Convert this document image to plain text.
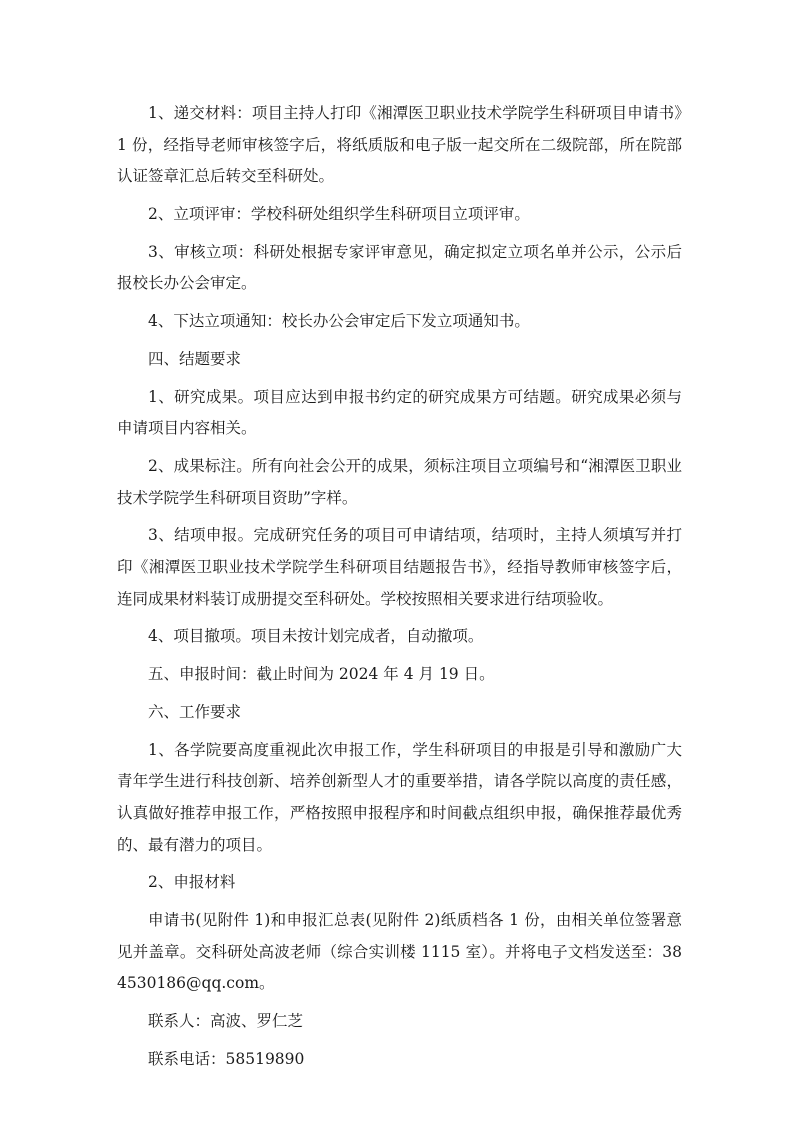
1、递交材料：项目主持人打印《湘潭医卫职业技术学院学生科研项目申请书》1 份，经指导老师审核签字后，将纸质版和电子版一起交所在二级院部，所在院部认证签章汇总后转交至科研处。

2、立项评审：学校科研处组织学生科研项目立项评审。

3、审核立项：科研处根据专家评审意见，确定拟定立项名单并公示，公示后报校长办公会审定。

4、下达立项通知：校长办公会审定后下发立项通知书。

四、结题要求

1、研究成果。项目应达到申报书约定的研究成果方可结题。研究成果必须与申请项目内容相关。

2、成果标注。所有向社会公开的成果，须标注项目立项编号和“湘潭医卫职业技术学院学生科研项目资助”字样。

3、结项申报。完成研究任务的项目可申请结项，结项时，主持人须填写并打印《湘潭医卫职业技术学院学生科研项目结题报告书》，经指导教师审核签字后，连同成果材料装订成册提交至科研处。学校按照相关要求进行结项验收。

4、项目撤项。项目未按计划完成者，自动撤项。

五、申报时间：截止时间为 2024 年 4 月 19 日。

六、工作要求

1、各学院要高度重视此次申报工作，学生科研项目的申报是引导和激励广大青年学生进行科技创新、培养创新型人才的重要举措，请各学院以高度的责任感，认真做好推荐申报工作，严格按照申报程序和时间截点组织申报，确保推荐最优秀的、最有潜力的项目。

2、申报材料

申请书(见附件 1)和申报汇总表(见附件 2)纸质档各 1 份，由相关单位签署意见并盖章。交科研处高波老师（综合实训楼 1115 室）。并将电子文档发送至：384530186@qq.com。

联系人：高波、罗仁芝

联系电话：58519890
